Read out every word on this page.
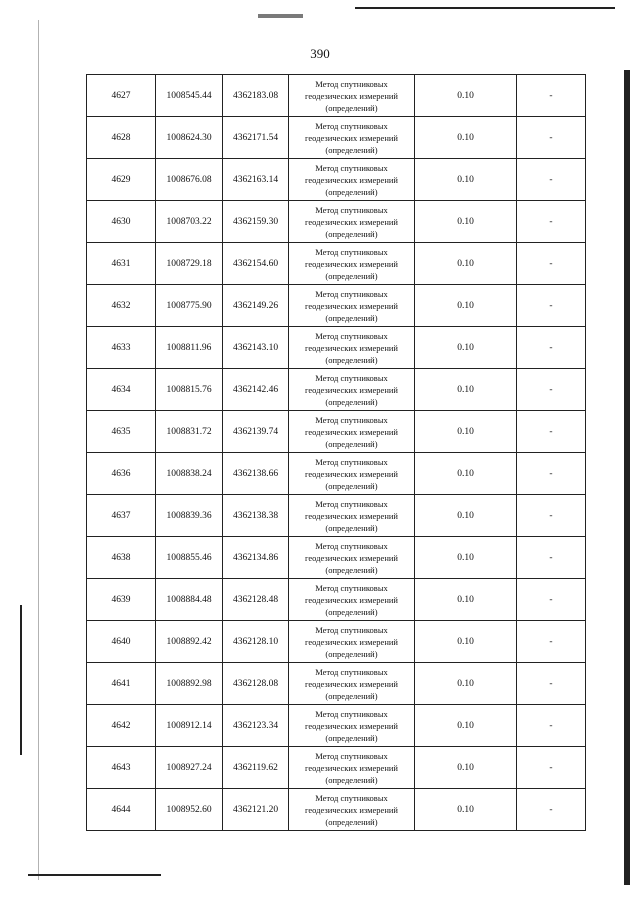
390
4627	1008545.44	4362183.08	Метод спутниковых геодезических измерений (определений)	0.10	-
4628	1008624.30	4362171.54	Метод спутниковых геодезических измерений (определений)	0.10	-
4629	1008676.08	4362163.14	Метод спутниковых геодезических измерений (определений)	0.10	-
4630	1008703.22	4362159.30	Метод спутниковых геодезических измерений (определений)	0.10	-
4631	1008729.18	4362154.60	Метод спутниковых геодезических измерений (определений)	0.10	-
4632	1008775.90	4362149.26	Метод спутниковых геодезических измерений (определений)	0.10	-
4633	1008811.96	4362143.10	Метод спутниковых геодезических измерений (определений)	0.10	-
4634	1008815.76	4362142.46	Метод спутниковых геодезических измерений (определений)	0.10	-
4635	1008831.72	4362139.74	Метод спутниковых геодезических измерений (определений)	0.10	-
4636	1008838.24	4362138.66	Метод спутниковых геодезических измерений (определений)	0.10	-
4637	1008839.36	4362138.38	Метод спутниковых геодезических измерений (определений)	0.10	-
4638	1008855.46	4362134.86	Метод спутниковых геодезических измерений (определений)	0.10	-
4639	1008884.48	4362128.48	Метод спутниковых геодезических измерений (определений)	0.10	-
4640	1008892.42	4362128.10	Метод спутниковых геодезических измерений (определений)	0.10	-
4641	1008892.98	4362128.08	Метод спутниковых геодезических измерений (определений)	0.10	-
4642	1008912.14	4362123.34	Метод спутниковых геодезических измерений (определений)	0.10	-
4643	1008927.24	4362119.62	Метод спутниковых геодезических измерений (определений)	0.10	-
4644	1008952.60	4362121.20	Метод спутниковых геодезических измерений (определений)	0.10	-
